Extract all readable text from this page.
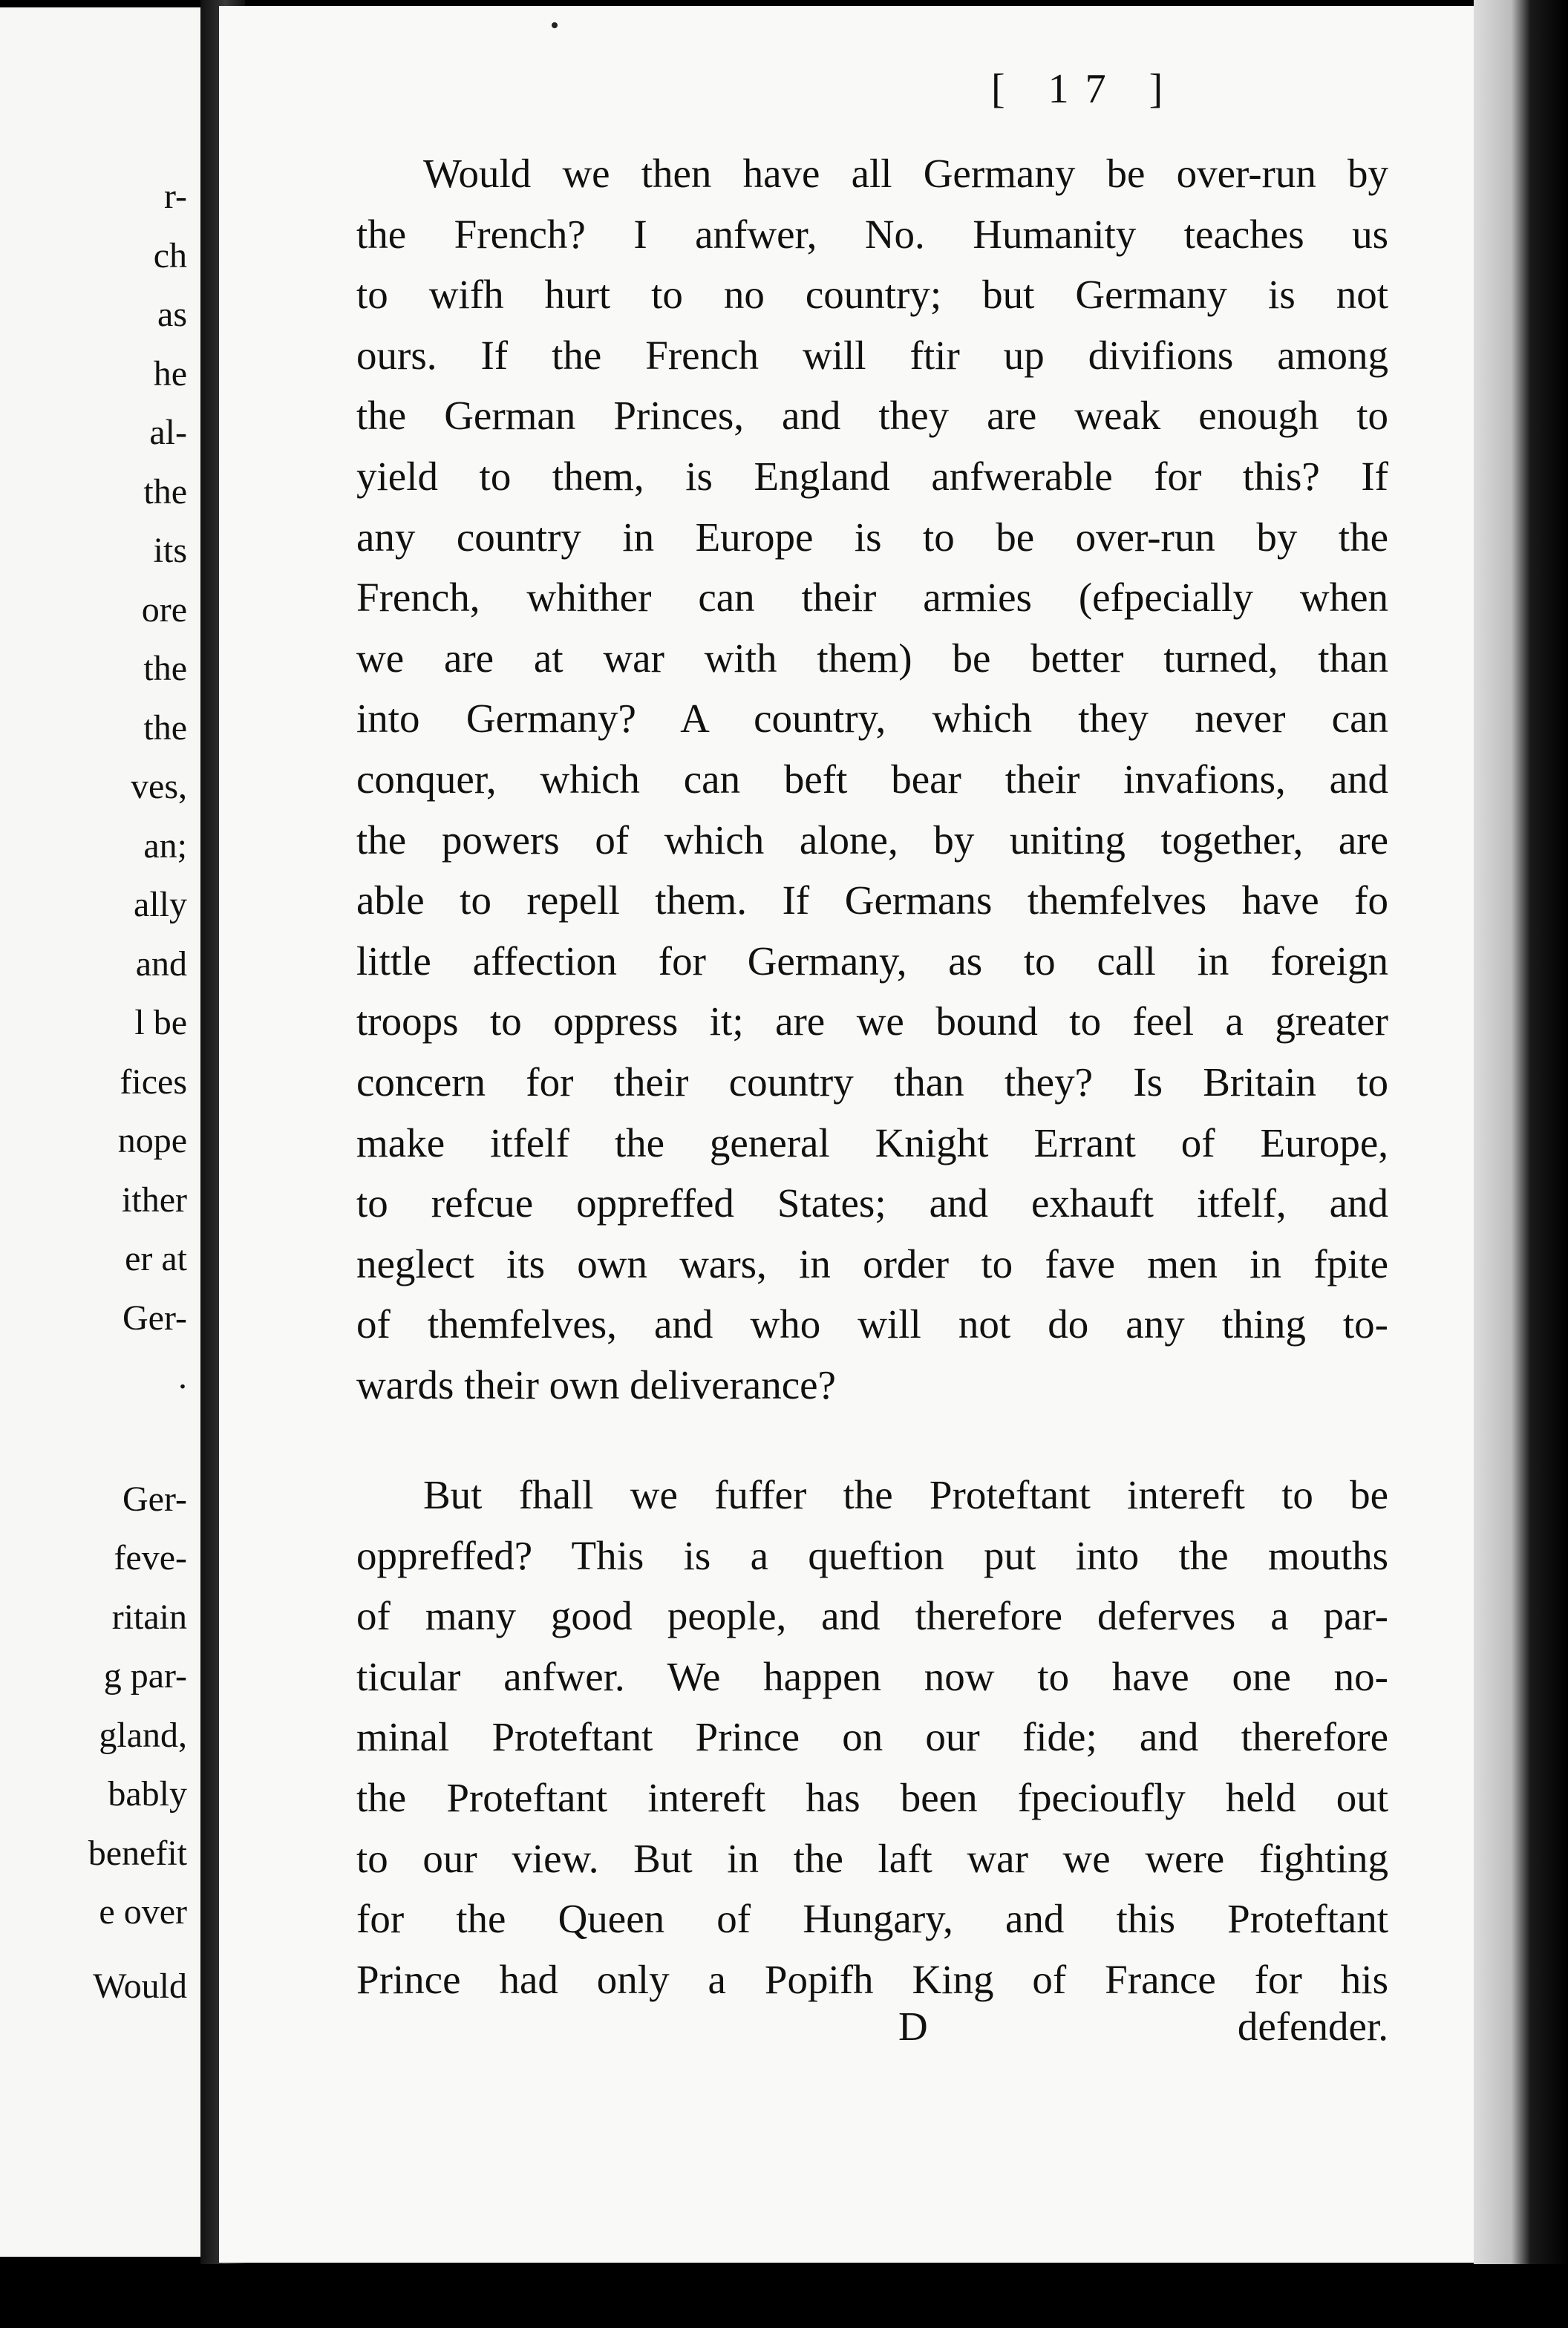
r-
ch
as
he
al-
the
its
ore
the
the
ves,
an;
ally
and
l be
fices
nope
ither
er at
Ger-
.
Ger-
feve-
ritain
g par-
gland,
bably
benefit
e over
Would
[ 17 ]
Would we then have all Germany be over-run by
the French? I anfwer, No. Humanity teaches us
to wifh hurt to no country; but Germany is not
ours. If the French will ftir up divifions among
the German Princes, and they are weak enough to
yield to them, is England anfwerable for this? If
any country in Europe is to be over-run by the
French, whither can their armies (efpecially when
we are at war with them) be better turned, than
into Germany? A country, which they never can
conquer, which can beft bear their invafions, and
the powers of which alone, by uniting together, are
able to repell them. If Germans themfelves have fo
little affection for Germany, as to call in foreign
troops to oppress it; are we bound to feel a greater
concern for their country than they? Is Britain to
make itfelf the general Knight Errant of Europe,
to refcue oppreffed States; and exhauft itfelf, and
neglect its own wars, in order to fave men in fpite
of themfelves, and who will not do any thing to-
wards their own deliverance?
But fhall we fuffer the Proteftant intereft to be
oppreffed? This is a queftion put into the mouths
of many good people, and therefore deferves a par-
ticular anfwer. We happen now to have one no-
minal Proteftant Prince on our fide; and therefore
the Proteftant intereft has been fpecioufly held out
to our view. But in the laft war we were fighting
for the Queen of Hungary, and this Proteftant
Prince had only a Popifh King of France for his
D	defender.
